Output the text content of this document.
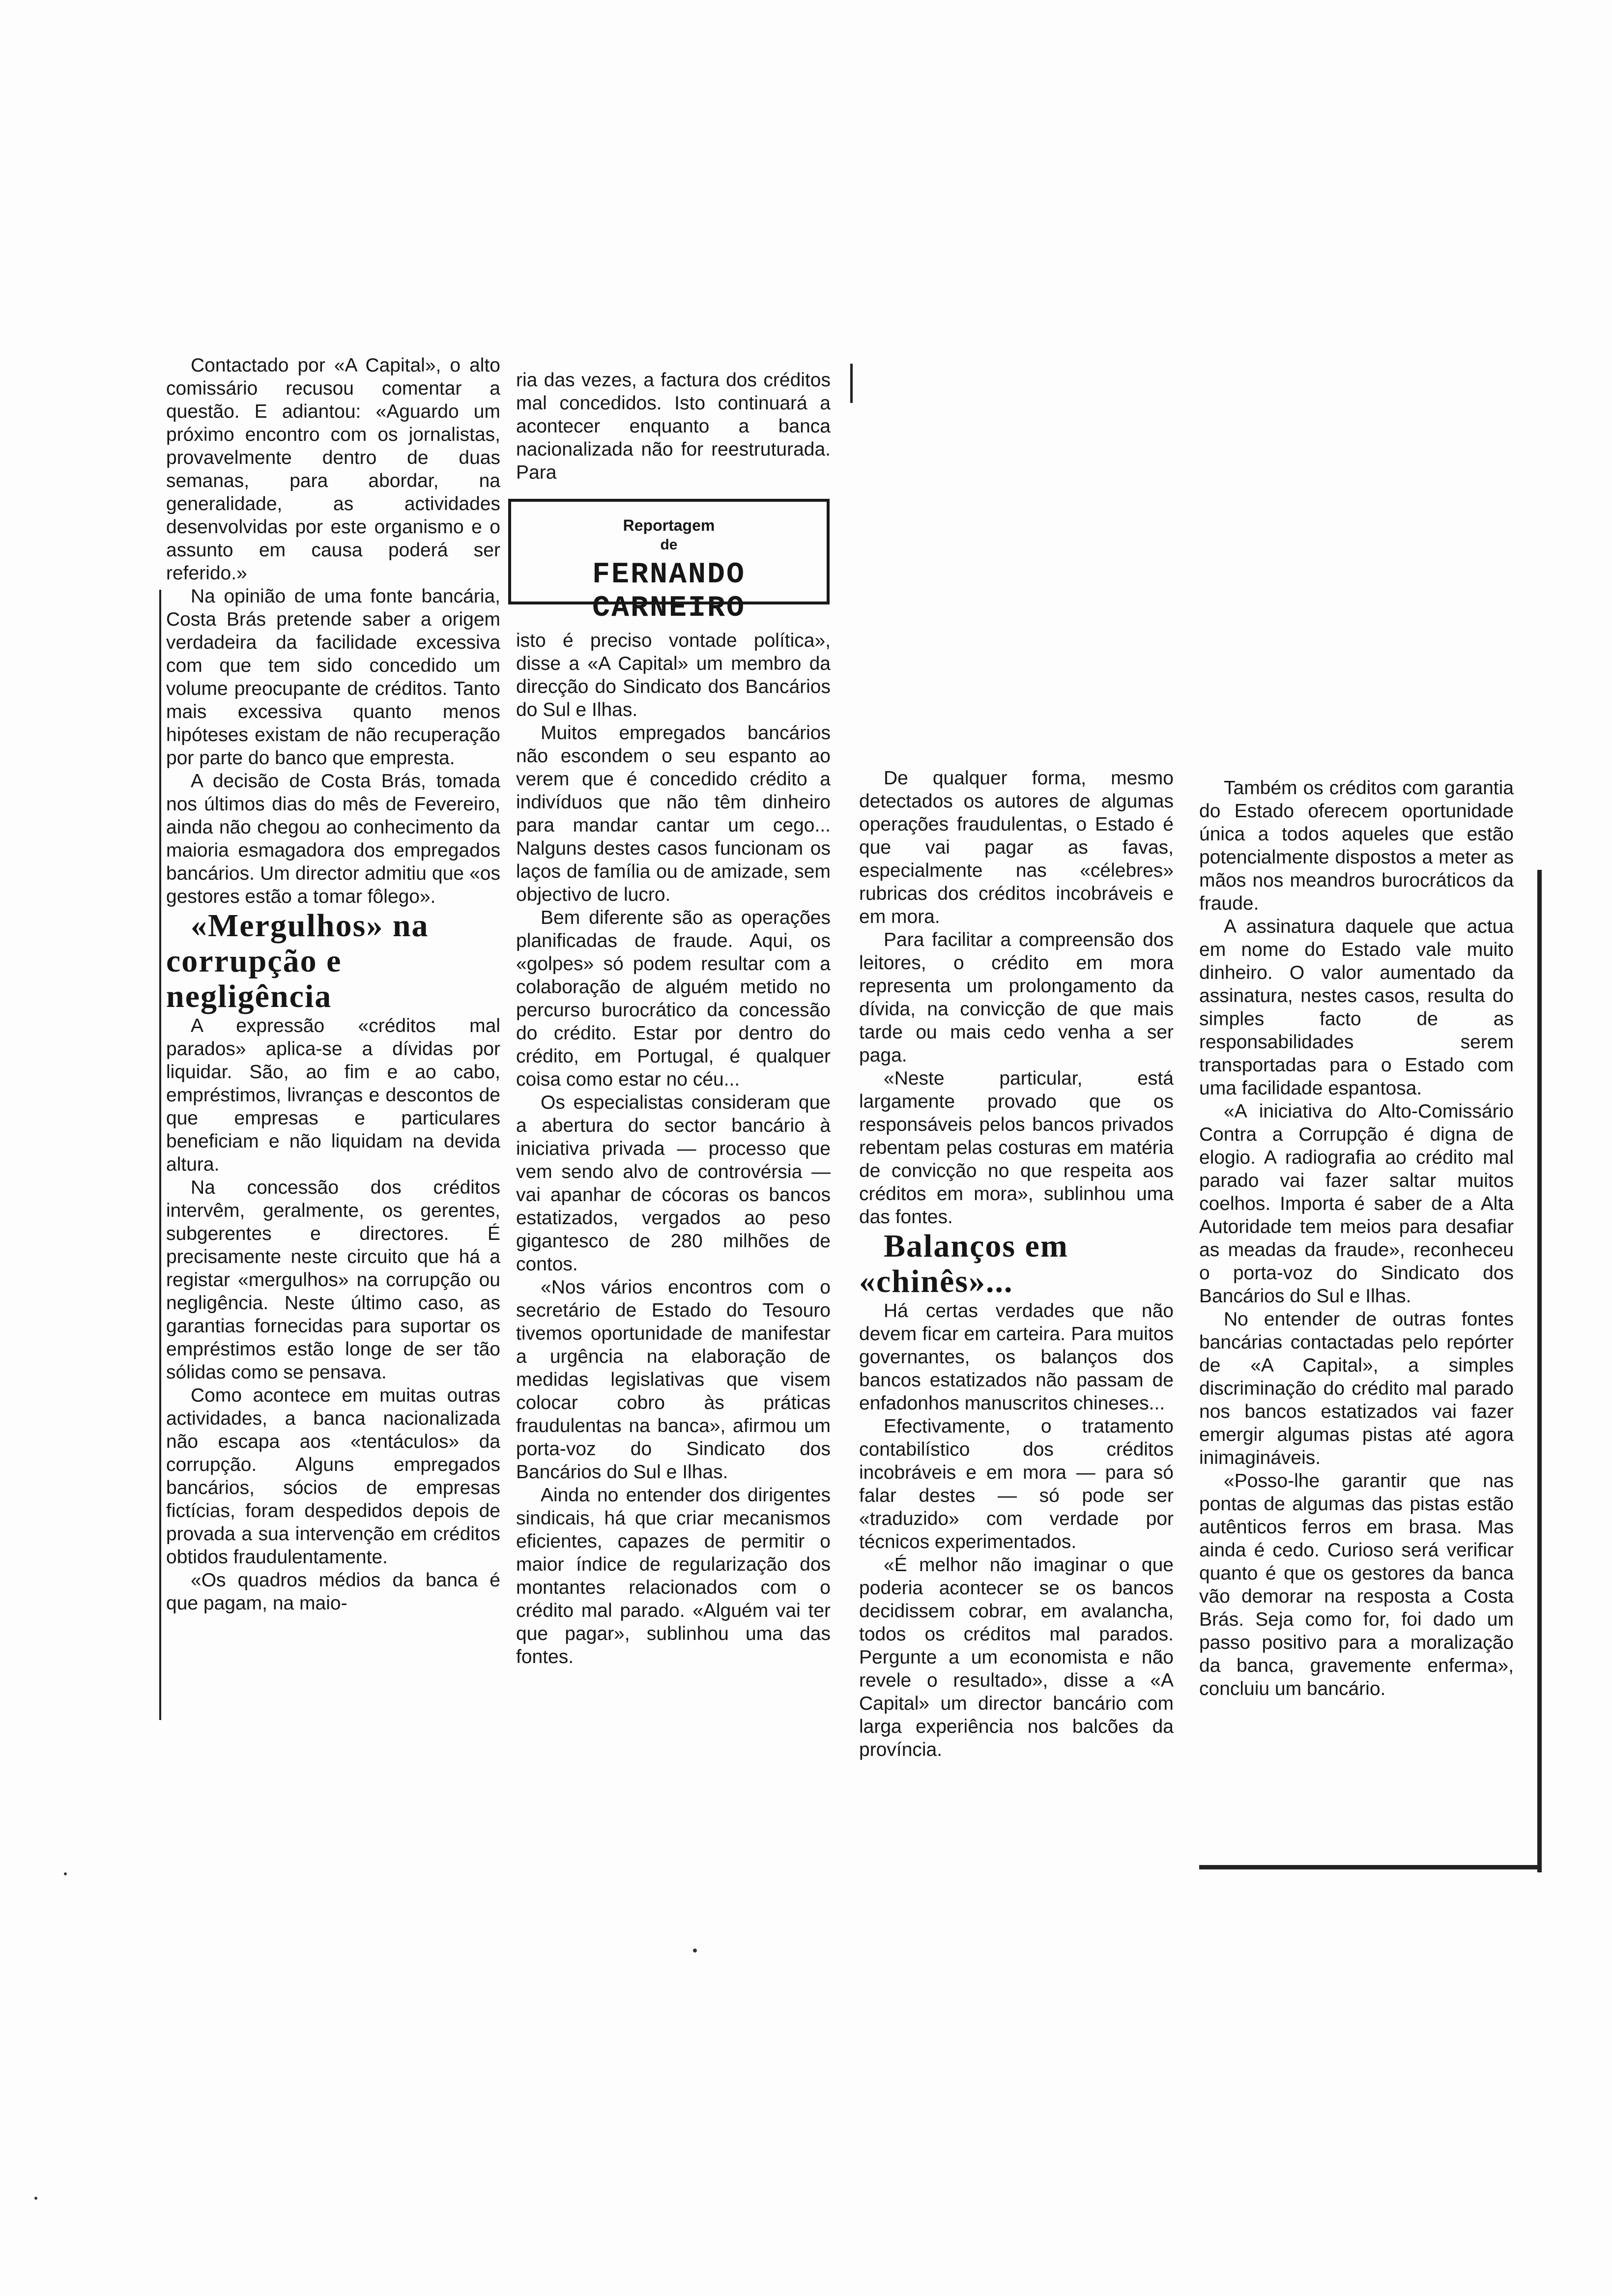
Contactado por «A Capital», o alto comissário recusou comentar a questão. E adiantou: «Aguardo um próximo encontro com os jornalistas, provavelmente dentro de duas semanas, para abordar, na generalidade, as actividades desenvolvidas por este organismo e o assunto em causa poderá ser referido.»

Na opinião de uma fonte bancária, Costa Brás pretende saber a origem verdadeira da facilidade excessiva com que tem sido concedido um volume preocupante de créditos. Tanto mais excessiva quanto menos hipóteses existam de não recuperação por parte do banco que empresta.

A decisão de Costa Brás, tomada nos últimos dias do mês de Fevereiro, ainda não chegou ao conhecimento da maioria esmagadora dos empregados bancários. Um director admitiu que «os gestores estão a tomar fôlego».

«Mergulhos» na corrupção e negligência

A expressão «créditos mal parados» aplica-se a dívidas por liquidar. São, ao fim e ao cabo, empréstimos, livranças e descontos de que empresas e particulares beneficiam e não liquidam na devida altura.

Na concessão dos créditos intervêm, geralmente, os gerentes, subgerentes e directores. É precisamente neste circuito que há a registar «mergulhos» na corrupção ou negligência. Neste último caso, as garantias fornecidas para suportar os empréstimos estão longe de ser tão sólidas como se pensava.

Como acontece em muitas outras actividades, a banca nacionalizada não escapa aos «tentáculos» da corrupção. Alguns empregados bancários, sócios de empresas fictícias, foram despedidos depois de provada a sua intervenção em créditos obtidos fraudulentamente.

«Os quadros médios da banca é que pagam, na maio-

ria das vezes, a factura dos créditos mal concedidos. Isto continuará a acontecer enquanto a banca nacionalizada não for reestruturada. Para

Reportagem
de
FERNANDO CARNEIRO

isto é preciso vontade política», disse a «A Capital» um membro da direcção do Sindicato dos Bancários do Sul e Ilhas.

Muitos empregados bancários não escondem o seu espanto ao verem que é concedido crédito a indivíduos que não têm dinheiro para mandar cantar um cego... Nalguns destes casos funcionam os laços de família ou de amizade, sem objectivo de lucro.

Bem diferente são as operações planificadas de fraude. Aqui, os «golpes» só podem resultar com a colaboração de alguém metido no percurso burocrático da concessão do crédito. Estar por dentro do crédito, em Portugal, é qualquer coisa como estar no céu...

Os especialistas consideram que a abertura do sector bancário à iniciativa privada — processo que vem sendo alvo de controvérsia — vai apanhar de cócoras os bancos estatizados, vergados ao peso gigantesco de 280 milhões de contos.

«Nos vários encontros com o secretário de Estado do Tesouro tivemos oportunidade de manifestar a urgência na elaboração de medidas legislativas que visem colocar cobro às práticas fraudulentas na banca», afirmou um porta-voz do Sindicato dos Bancários do Sul e Ilhas.

Ainda no entender dos dirigentes sindicais, há que criar mecanismos eficientes, capazes de permitir o maior índice de regularização dos montantes relacionados com o crédito mal parado. «Alguém vai ter que pagar», sublinhou uma das fontes.

De qualquer forma, mesmo detectados os autores de algumas operações fraudulentas, o Estado é que vai pagar as favas, especialmente nas «célebres» rubricas dos créditos incobráveis e em mora.

Para facilitar a compreensão dos leitores, o crédito em mora representa um prolongamento da dívida, na convicção de que mais tarde ou mais cedo venha a ser paga.

«Neste particular, está largamente provado que os responsáveis pelos bancos privados rebentam pelas costuras em matéria de convicção no que respeita aos créditos em mora», sublinhou uma das fontes.

Balanços em «chinês»...

Há certas verdades que não devem ficar em carteira. Para muitos governantes, os balanços dos bancos estatizados não passam de enfadonhos manuscritos chineses...

Efectivamente, o tratamento contabilístico dos créditos incobráveis e em mora — para só falar destes — só pode ser «traduzido» com verdade por técnicos experimentados.

«É melhor não imaginar o que poderia acontecer se os bancos decidissem cobrar, em avalancha, todos os créditos mal parados. Pergunte a um economista e não revele o resultado», disse a «A Capital» um director bancário com larga experiência nos balcões da província.

Também os créditos com garantia do Estado oferecem oportunidade única a todos aqueles que estão potencialmente dispostos a meter as mãos nos meandros burocráticos da fraude.

A assinatura daquele que actua em nome do Estado vale muito dinheiro. O valor aumentado da assinatura, nestes casos, resulta do simples facto de as responsabilidades serem transportadas para o Estado com uma facilidade espantosa.

«A iniciativa do Alto-Comissário Contra a Corrupção é digna de elogio. A radiografia ao crédito mal parado vai fazer saltar muitos coelhos. Importa é saber de a Alta Autoridade tem meios para desafiar as meadas da fraude», reconheceu o porta-voz do Sindicato dos Bancários do Sul e Ilhas.

No entender de outras fontes bancárias contactadas pelo repórter de «A Capital», a simples discriminação do crédito mal parado nos bancos estatizados vai fazer emergir algumas pistas até agora inimagináveis.

«Posso-lhe garantir que nas pontas de algumas das pistas estão autênticos ferros em brasa. Mas ainda é cedo. Curioso será verificar quanto é que os gestores da banca vão demorar na resposta a Costa Brás. Seja como for, foi dado um passo positivo para a moralização da banca, gravemente enferma», concluiu um bancário.
